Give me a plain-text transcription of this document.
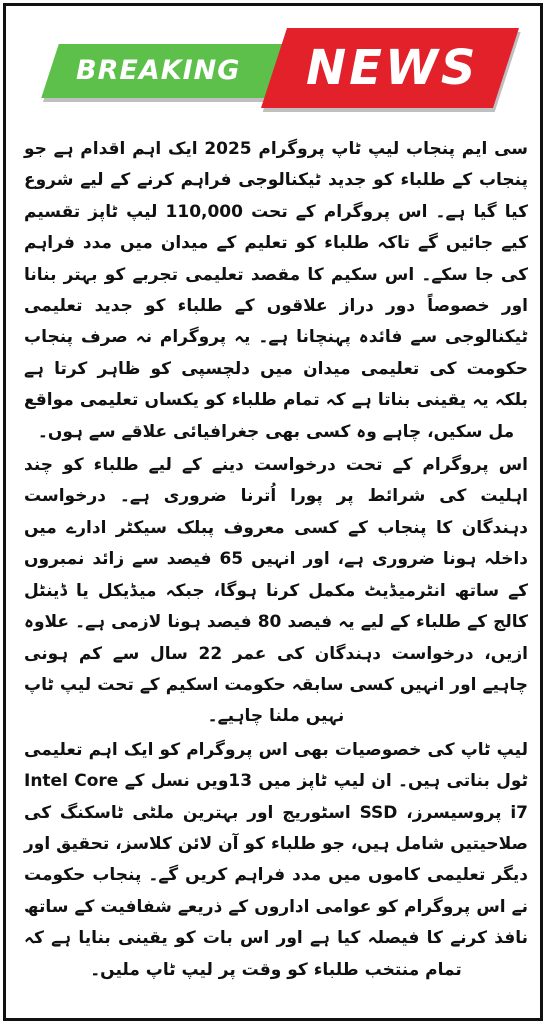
BREAKING	NEWS

سی ایم پنجاب لیپ ٹاپ پروگرام 2025 ایک اہم اقدام ہے جو پنجاب کے طلباء کو جدید ٹیکنالوجی فراہم کرنے کے لیے شروع کیا گیا ہے۔ اس پروگرام کے تحت 110,000 لیپ ٹاپز تقسیم کیے جائیں گے تاکہ طلباء کو تعلیم کے میدان میں مدد فراہم کی جا سکے۔ اس سکیم کا مقصد تعلیمی تجربے کو بہتر بنانا اور خصوصاً دور دراز علاقوں کے طلباء کو جدید تعلیمی ٹیکنالوجی سے فائدہ پہنچانا ہے۔ یہ پروگرام نہ صرف پنجاب حکومت کی تعلیمی میدان میں دلچسپی کو ظاہر کرتا ہے بلکہ یہ یقینی بناتا ہے کہ تمام طلباء کو یکساں تعلیمی مواقع مل سکیں، چاہے وہ کسی بھی جغرافیائی علاقے سے ہوں۔

اس پروگرام کے تحت درخواست دینے کے لیے طلباء کو چند اہلیت کی شرائط پر پورا اُترنا ضروری ہے۔ درخواست دہندگان کا پنجاب کے کسی معروف پبلک سیکٹر ادارے میں داخلہ ہونا ضروری ہے، اور انہیں 65 فیصد سے زائد نمبروں کے ساتھ انٹرمیڈیٹ مکمل کرنا ہوگا، جبکہ میڈیکل یا ڈینٹل کالج کے طلباء کے لیے یہ فیصد 80 فیصد ہونا لازمی ہے۔ علاوہ ازیں، درخواست دہندگان کی عمر 22 سال سے کم ہونی چاہیے اور انہیں کسی سابقہ حکومت اسکیم کے تحت لیپ ٹاپ نہیں ملنا چاہیے۔

لیپ ٹاپ کی خصوصیات بھی اس پروگرام کو ایک اہم تعلیمی ٹول بناتی ہیں۔ ان لیپ ٹاپز میں 13ویں نسل کے Intel Core i7 پروسیسرز، SSD اسٹوریج اور بہترین ملٹی ٹاسکنگ کی صلاحیتیں شامل ہیں، جو طلباء کو آن لائن کلاسز، تحقیق اور دیگر تعلیمی کاموں میں مدد فراہم کریں گے۔ پنجاب حکومت نے اس پروگرام کو عوامی اداروں کے ذریعے شفافیت کے ساتھ نافذ کرنے کا فیصلہ کیا ہے اور اس بات کو یقینی بنایا ہے کہ تمام منتخب طلباء کو وقت پر لیپ ٹاپ ملیں۔
